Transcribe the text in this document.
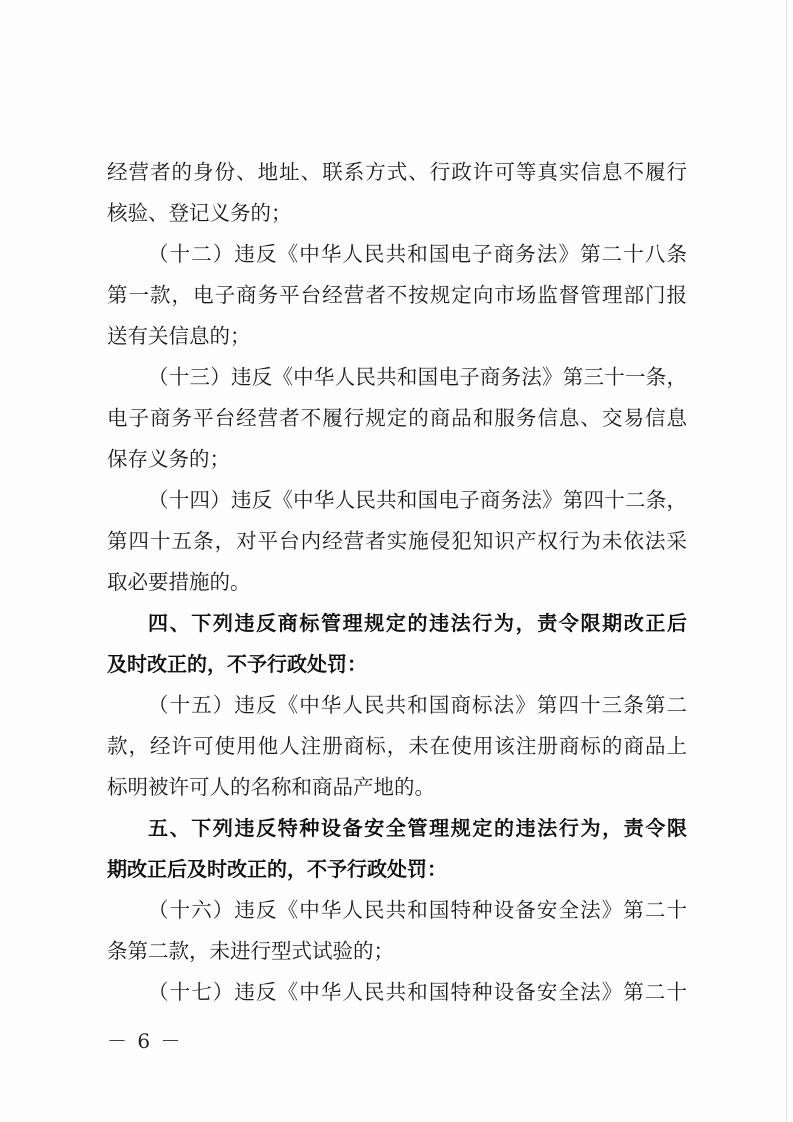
经营者的身份、地址、联系方式、行政许可等真实信息不履行
核验、登记义务的；
（十二）违反《中华人民共和国电子商务法》第二十八条
第一款，电子商务平台经营者不按规定向市场监督管理部门报
送有关信息的；
（十三）违反《中华人民共和国电子商务法》第三十一条，
电子商务平台经营者不履行规定的商品和服务信息、交易信息
保存义务的；
（十四）违反《中华人民共和国电子商务法》第四十二条，
第四十五条，对平台内经营者实施侵犯知识产权行为未依法采
取必要措施的。
四、下列违反商标管理规定的违法行为，责令限期改正后
及时改正的，不予行政处罚：
（十五）违反《中华人民共和国商标法》第四十三条第二
款，经许可使用他人注册商标，未在使用该注册商标的商品上
标明被许可人的名称和商品产地的。
五、下列违反特种设备安全管理规定的违法行为，责令限
期改正后及时改正的，不予行政处罚：
（十六）违反《中华人民共和国特种设备安全法》第二十
条第二款，未进行型式试验的；
（十七）违反《中华人民共和国特种设备安全法》第二十
－ 6 －
